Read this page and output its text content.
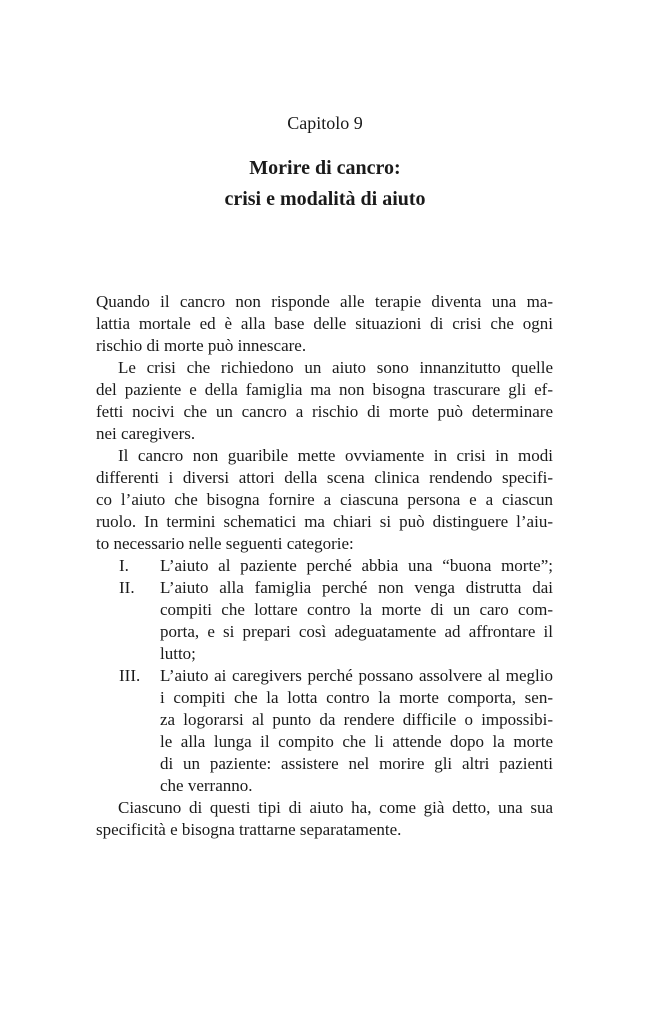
Capitolo 9
Morire di cancro:
crisi e modalità di aiuto
Quando il cancro non risponde alle terapie diventa una ma-
lattia mortale ed è alla base delle situazioni di crisi che ogni
rischio di morte può innescare.
Le crisi che richiedono un aiuto sono innanzitutto quelle
del paziente e della famiglia ma non bisogna trascurare gli ef-
fetti nocivi che un cancro a rischio di morte può determinare
nei caregivers.
Il cancro non guaribile mette ovviamente in crisi in modi
differenti i diversi attori della scena clinica rendendo specifi-
co l’aiuto che bisogna fornire a ciascuna persona e a ciascun
ruolo. In termini schematici ma chiari si può distinguere l’aiu-
to necessario nelle seguenti categorie:
I. L’aiuto al paziente perché abbia una “buona morte”;
II. L’aiuto alla famiglia perché non venga distrutta dai
compiti che lottare contro la morte di un caro com-
porta, e si prepari così adeguatamente ad affrontare il
lutto;
III. L’aiuto ai caregivers perché possano assolvere al meglio
i compiti che la lotta contro la morte comporta, sen-
za logorarsi al punto da rendere difficile o impossibi-
le alla lunga il compito che li attende dopo la morte
di un paziente: assistere nel morire gli altri pazienti
che verranno.
Ciascuno di questi tipi di aiuto ha, come già detto, una sua
specificità e bisogna trattarne separatamente.
